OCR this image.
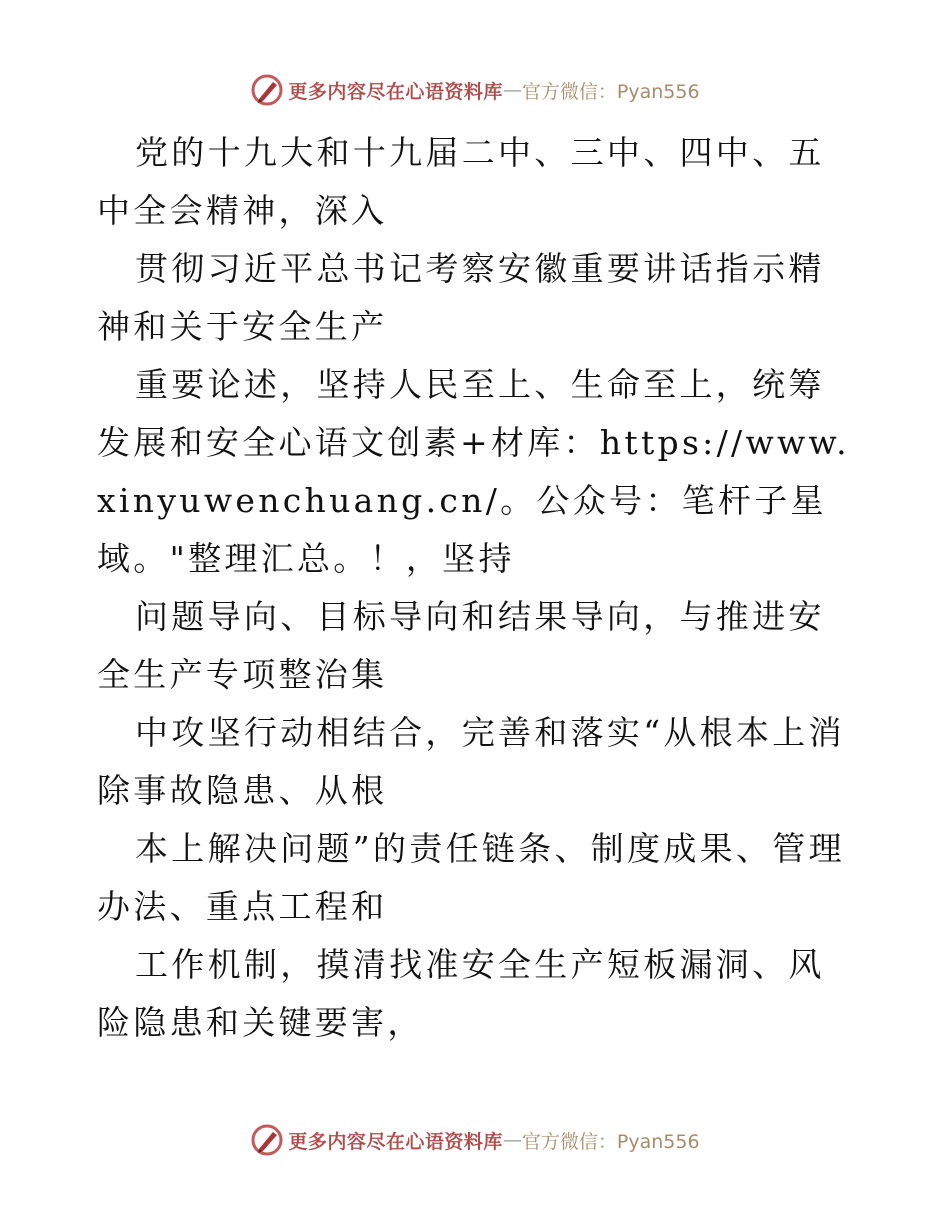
更多内容尽在心语资料库 — 官方微信：Pyan556

党的十九大和十九届二中、三中、四中、五中全会精神，深入

贯彻习近平总书记考察安徽重要讲话指示精神和关于安全生产

重要论述，坚持人民至上、生命至上，统筹发展和安全心语文创素+材库：https://www.xinyuwenchuang.cn/。公众号：笔杆子星域。"整理汇总。！，坚持

问题导向、目标导向和结果导向，与推进安全生产专项整治集

中攻坚行动相结合，完善和落实“从根本上消除事故隐患、从根

本上解决问题”的责任链条、制度成果、管理办法、重点工程和

工作机制，摸清找准安全生产短板漏洞、风险隐患和关键要害，

更多内容尽在心语资料库 — 官方微信：Pyan556
